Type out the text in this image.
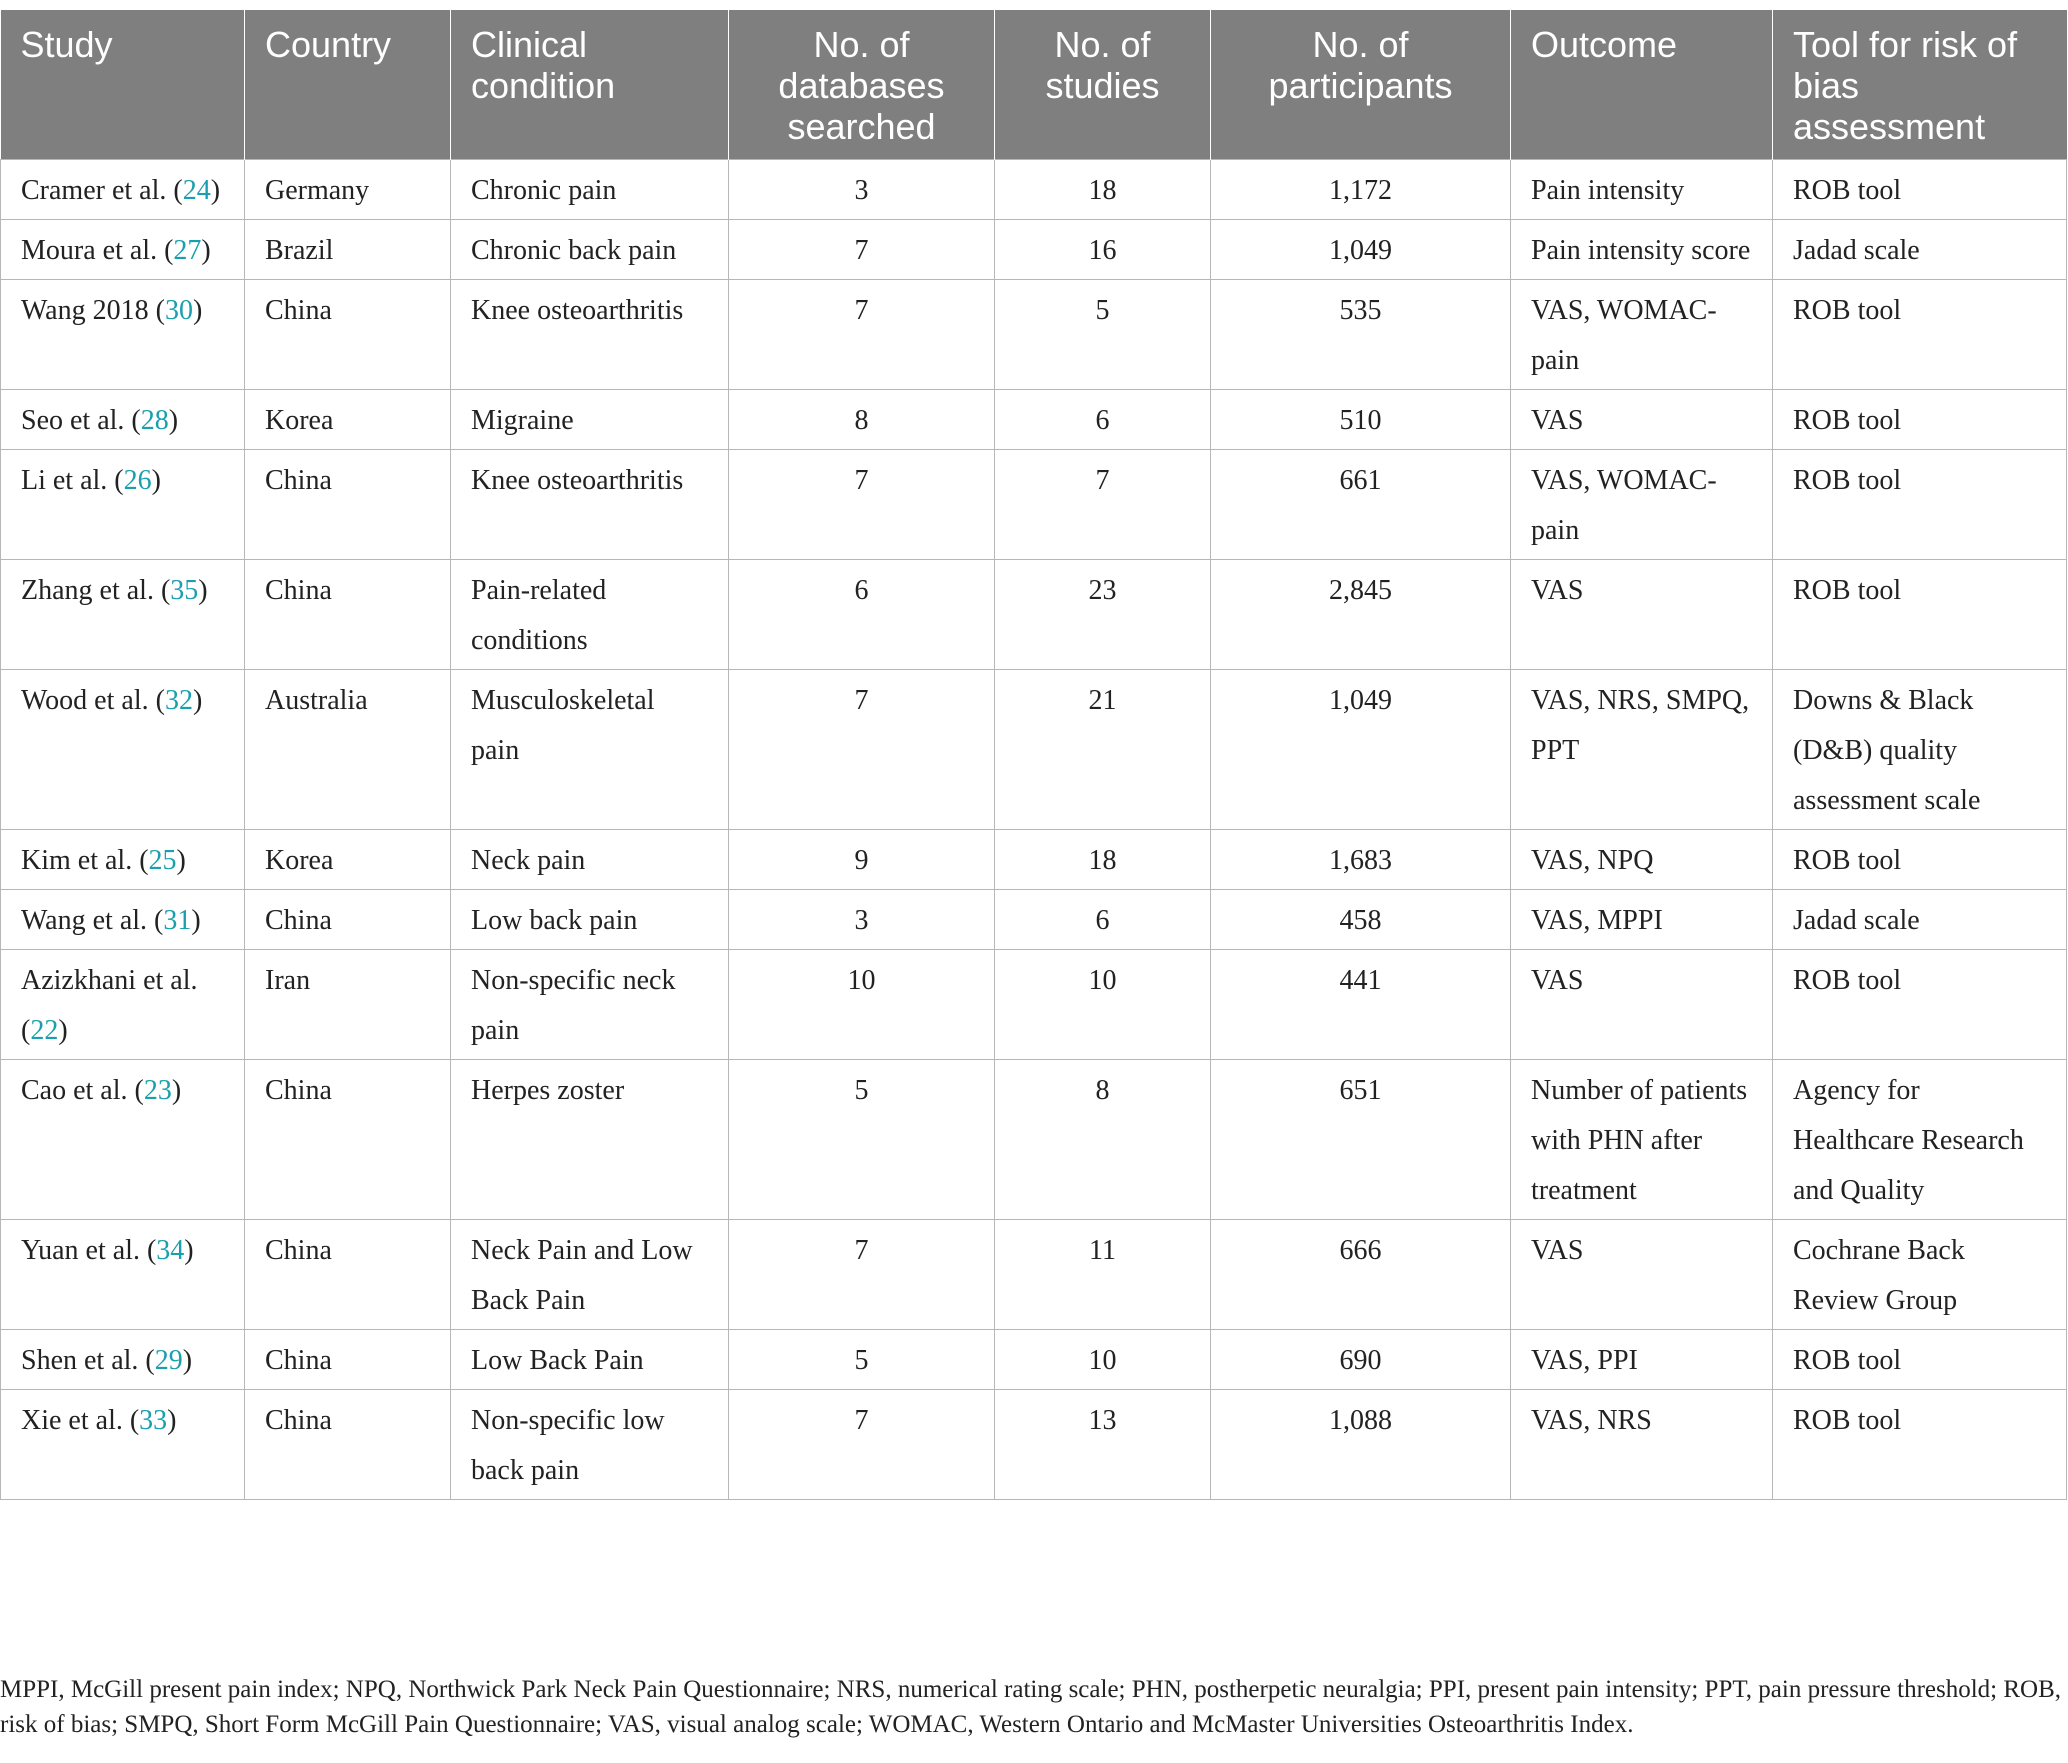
Study	Country	Clinical condition	No. of databases searched	No. of studies	No. of participants	Outcome	Tool for risk of bias assessment
Cramer et al. (24)	Germany	Chronic pain	3	18	1,172	Pain intensity	ROB tool
Moura et al. (27)	Brazil	Chronic back pain	7	16	1,049	Pain intensity score	Jadad scale
Wang 2018 (30)	China	Knee osteoarthritis	7	5	535	VAS, WOMAC-pain	ROB tool
Seo et al. (28)	Korea	Migraine	8	6	510	VAS	ROB tool
Li et al. (26)	China	Knee osteoarthritis	7	7	661	VAS, WOMAC-pain	ROB tool
Zhang et al. (35)	China	Pain-related conditions	6	23	2,845	VAS	ROB tool
Wood et al. (32)	Australia	Musculoskeletal pain	7	21	1,049	VAS, NRS, SMPQ, PPT	Downs & Black (D&B) quality assessment scale
Kim et al. (25)	Korea	Neck pain	9	18	1,683	VAS, NPQ	ROB tool
Wang et al. (31)	China	Low back pain	3	6	458	VAS, MPPI	Jadad scale
Azizkhani et al. (22)	Iran	Non-specific neck pain	10	10	441	VAS	ROB tool
Cao et al. (23)	China	Herpes zoster	5	8	651	Number of patients with PHN after treatment	Agency for Healthcare Research and Quality
Yuan et al. (34)	China	Neck Pain and Low Back Pain	7	11	666	VAS	Cochrane Back Review Group
Shen et al. (29)	China	Low Back Pain	5	10	690	VAS, PPI	ROB tool
Xie et al. (33)	China	Non-specific low back pain	7	13	1,088	VAS, NRS	ROB tool

MPPI, McGill present pain index; NPQ, Northwick Park Neck Pain Questionnaire; NRS, numerical rating scale; PHN, postherpetic neuralgia; PPI, present pain intensity; PPT, pain pressure threshold; ROB, risk of bias; SMPQ, Short Form McGill Pain Questionnaire; VAS, visual analog scale; WOMAC, Western Ontario and McMaster Universities Osteoarthritis Index.
